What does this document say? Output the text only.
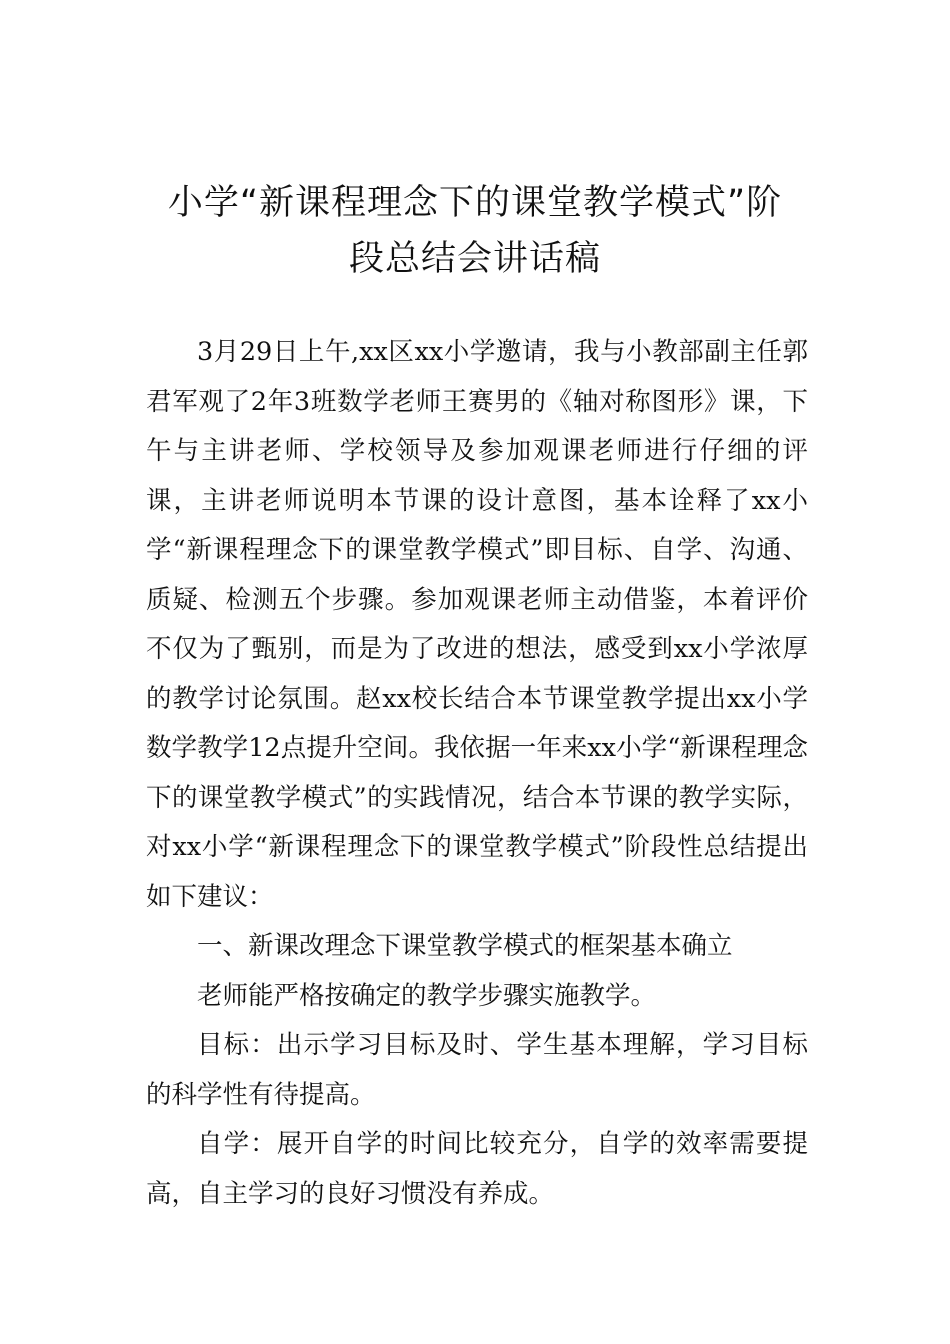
小学“新课程理念下的课堂教学模式”阶
段总结会讲话稿

3月29日上午,xx区xx小学邀请，我与小教部副主任郭君军观了2年3班数学老师王赛男的《轴对称图形》课，下午与主讲老师、学校领导及参加观课老师进行仔细的评课，主讲老师说明本节课的设计意图，基本诠释了xx小学“新课程理念下的课堂教学模式”即目标、自学、沟通、质疑、检测五个步骤。参加观课老师主动借鉴，本着评价不仅为了甄别，而是为了改进的想法，感受到xx小学浓厚的教学讨论氛围。赵xx校长结合本节课堂教学提出xx小学数学教学12点提升空间。我依据一年来xx小学“新课程理念下的课堂教学模式”的实践情况，结合本节课的教学实际，对xx小学“新课程理念下的课堂教学模式”阶段性总结提出如下建议：

一、新课改理念下课堂教学模式的框架基本确立

老师能严格按确定的教学步骤实施教学。

目标：出示学习目标及时、学生基本理解，学习目标的科学性有待提高。

自学：展开自学的时间比较充分，自学的效率需要提高，自主学习的良好习惯没有养成。
